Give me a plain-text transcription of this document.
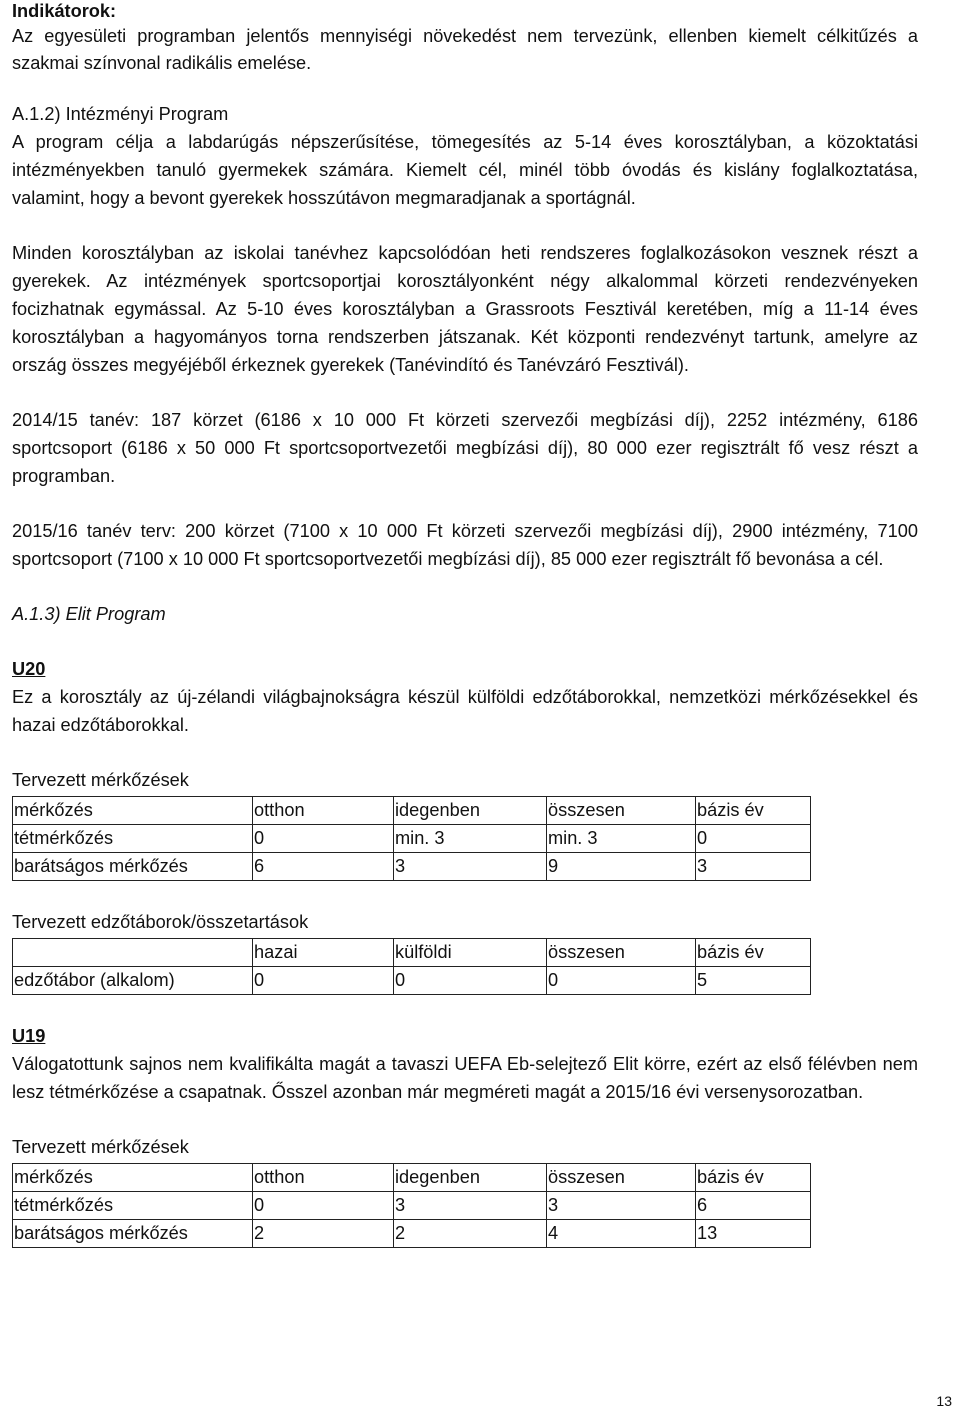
Indikátorok:

Az egyesületi programban jelentős mennyiségi növekedést nem tervezünk, ellenben kiemelt célkitűzés a szakmai színvonal radikális emelése.

A.1.2) Intézményi Program

A program célja a labdarúgás népszerűsítése, tömegesítés az 5-14 éves korosztályban, a közoktatási intézményekben tanuló gyermekek számára. Kiemelt cél, minél több óvodás és kislány foglalkoztatása, valamint, hogy a bevont gyerekek hosszútávon megmaradjanak a sportágnál.

Minden korosztályban az iskolai tanévhez kapcsolódóan heti rendszeres foglalkozásokon vesznek részt a gyerekek. Az intézmények sportcsoportjai korosztályonként négy alkalommal körzeti rendezvényeken focizhatnak egymással. Az 5-10 éves korosztályban a Grassroots Fesztivál keretében, míg a 11-14 éves korosztályban a hagyományos torna rendszerben játszanak. Két központi rendezvényt tartunk, amelyre az ország összes megyéjéből érkeznek gyerekek (Tanévindító és Tanévzáró Fesztivál).

2014/15 tanév: 187 körzet (6186 x 10 000 Ft körzeti szervezői megbízási díj), 2252 intézmény, 6186 sportcsoport (6186 x 50 000 Ft sportcsoportvezetői megbízási díj), 80 000 ezer regisztrált fő vesz részt a programban.

2015/16 tanév terv: 200 körzet (7100 x 10 000 Ft körzeti szervezői megbízási díj), 2900 intézmény, 7100 sportcsoport (7100 x 10 000 Ft sportcsoportvezetői megbízási díj), 85 000 ezer regisztrált fő bevonása a cél.

A.1.3) Elit Program
U20

Ez a korosztály az új-zélandi világbajnokságra készül külföldi edzőtáborokkal, nemzetközi mérkőzésekkel és hazai edzőtáborokkal.

Tervezett mérkőzések
mérkőzés	otthon	idegenben	összesen	bázis év
tétmérkőzés	0	min. 3	min. 3	0
barátságos mérkőzés	6	3	9	3
Tervezett edzőtáborok/összetartások
	hazai	külföldi	összesen	bázis év
edzőtábor (alkalom)	0	0	0	5
U19

Válogatottunk sajnos nem kvalifikálta magát a tavaszi UEFA Eb-selejtező Elit körre, ezért az első félévben nem lesz tétmérkőzése a csapatnak. Ősszel azonban már megméreti magát a 2015/16 évi versenysorozatban.

Tervezett mérkőzések
mérkőzés	otthon	idegenben	összesen	bázis év
tétmérkőzés	0	3	3	6
barátságos mérkőzés	2	2	4	13
13
